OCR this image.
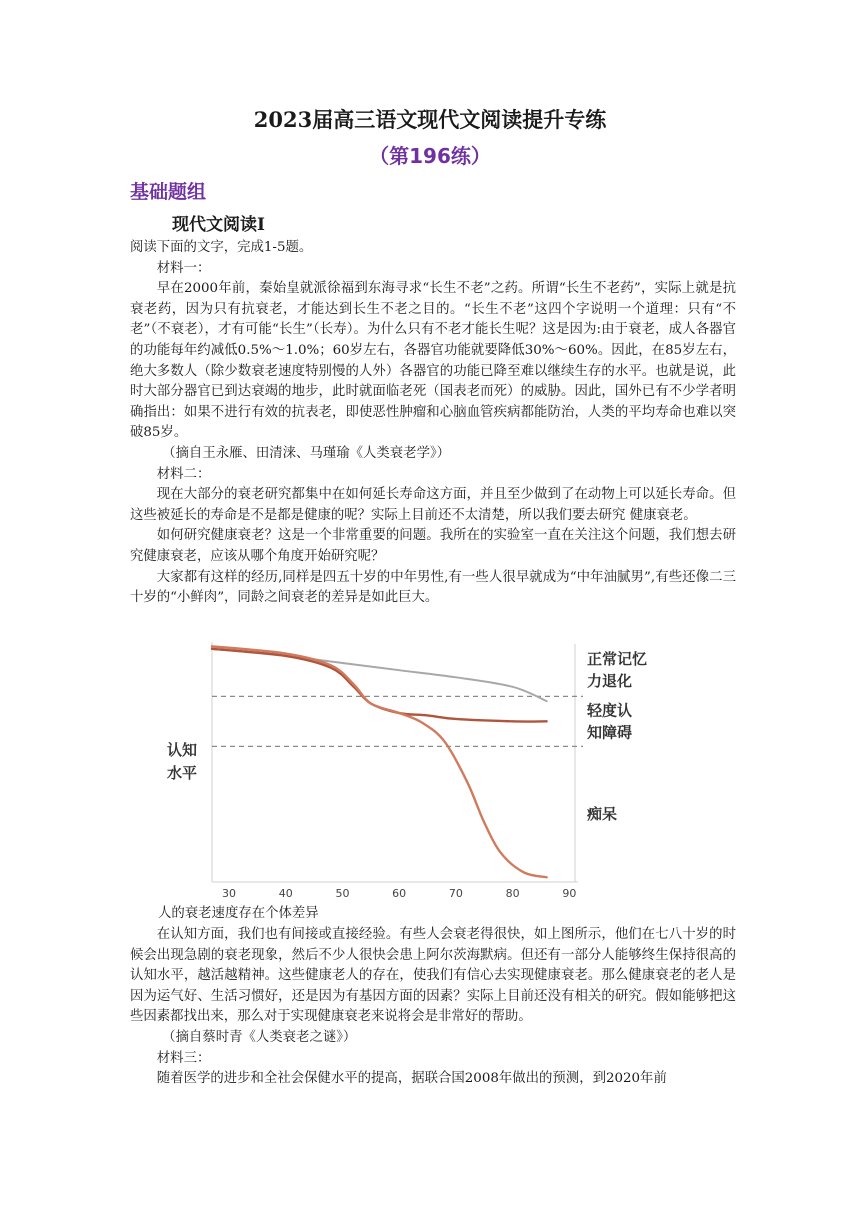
2023届高三语文现代文阅读提升专练
（第196练）
基础题组
现代文阅读Ⅰ

阅读下面的文字，完成1-5题。

材料一：

早在2000年前，秦始皇就派徐福到东海寻求“长生不老”之药。所谓“长生不老药”，实际上就是抗衰老药，因为只有抗衰老，才能达到长生不老之目的。“长生不老”这四个字说明一个道理：只有“不老”（不衰老），才有可能“长生”（长寿）。为什么只有不老才能长生呢？这是因为:由于衰老，成人各器官的功能每年约减低0.5%～1.0%；60岁左右，各器官功能就要降低30%～60%。因此，在85岁左右，绝大多数人（除少数衰老速度特别慢的人外）各器官的功能已降至难以继续生存的水平。也就是说，此时大部分器官已到达衰竭的地步，此时就面临老死（国表老而死）的威胁。因此，国外已有不少学者明确指出：如果不进行有效的抗表老，即使恶性肿瘤和心脑血管疾病都能防治，人类的平均寿命也难以突破85岁。

（摘自王永雁、田清涞、马瑾瑜《人类衰老学》）

材料二：

现在大部分的衰老研究都集中在如何延长寿命这方面，并且至少做到了在动物上可以延长寿命。但这些被延长的寿命是不是都是健康的呢？实际上目前还不太清楚，所以我们要去研究 健康衰老。

如何研究健康衰老？这是一个非常重要的问题。我所在的实验室一直在关注这个问题，我们想去研究健康衰老，应该从哪个角度开始研究呢？

大家都有这样的经历,同样是四五十岁的中年男性,有一些人很早就成为“中年油腻男”,有些还像二三十岁的“小鲜肉”，同龄之间衰老的差异是如此巨大。

正常记忆
力退化
轻度认
知障碍
痴呆
认知
水平
30	40	50	60	70	80	90
人的衰老速度存在个体差异

在认知方面，我们也有间接或直接经验。有些人会衰老得很快，如上图所示，他们在七八十岁的时候会出现急剧的衰老现象，然后不少人很快会患上阿尔茨海默病。但还有一部分人能够终生保持很高的认知水平，越活越精神。这些健康老人的存在，使我们有信心去实现健康衰老。那么健康衰老的老人是因为运气好、生活习惯好，还是因为有基因方面的因素？实际上目前还没有相关的研究。假如能够把这些因素都找出来，那么对于实现健康衰老来说将会是非常好的帮助。

（摘自蔡时青《人类衰老之谜》）

材料三：

随着医学的进步和全社会保健水平的提高，据联合国2008年做出的预测，到2020年前
